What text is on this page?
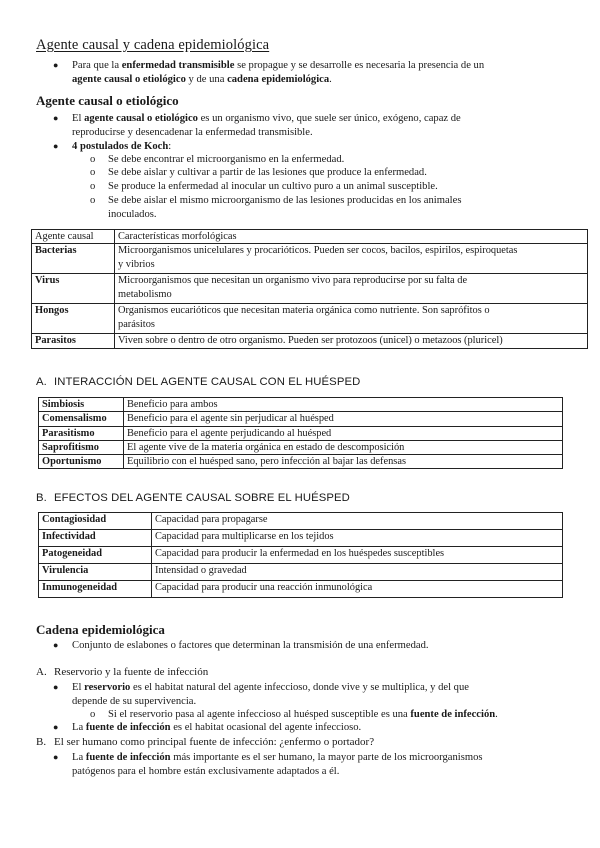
Agente causal y cadena epidemiológica
●	Para que la enfermedad transmisible se propague y se desarrolle es necesaria la presencia de un
agente causal o etiológico y de una cadena epidemiológica.
Agente causal o etiológico
●	El agente causal o etiológico es un organismo vivo, que suele ser único, exógeno, capaz de
reproducirse y desencadenar la enfermedad transmisible.
●	4 postulados de Koch:
o	Se debe encontrar el microorganismo en la enfermedad.
o	Se debe aislar y cultivar a partir de las lesiones que produce la enfermedad.
o	Se produce la enfermedad al inocular un cultivo puro a un animal susceptible.
o	Se debe aislar el mismo microorganismo de las lesiones producidas en los animales
inoculados.
Agente causal	Características morfológicas
Bacterias	Microorganismos unicelulares y procarióticos. Pueden ser cocos, bacilos, espirilos, espiroquetas
y vibrios

Virus	Microorganismos que necesitan un organismo vivo para reproducirse por su falta de
metabolismo

Hongos	Organismos eucarióticos que necesitan materia orgánica como nutriente. Son saprófitos o
parásitos

Parasitos	Viven sobre o dentro de otro organismo. Pueden ser protozoos (unicel) o metazoos (pluricel)
A. INTERACCIÓN DEL AGENTE CAUSAL CON EL HUÉSPED
Simbiosis	Beneficio para ambos
Comensalismo	Beneficio para el agente sin perjudicar al huésped
Parasitismo	Beneficio para el agente perjudicando al huésped
Saprofitismo	El agente vive de la materia orgánica en estado de descomposición
Oportunismo	Equilibrio con el huésped sano, pero infección al bajar las defensas
B. EFECTOS DEL AGENTE CAUSAL SOBRE EL HUÉSPED
Contagiosidad	Capacidad para propagarse
Infectividad	Capacidad para multiplicarse en los tejidos
Patogeneidad	Capacidad para producir la enfermedad en los huéspedes susceptibles
Virulencia	Intensidad o gravedad
Inmunogeneidad	Capacidad para producir una reacción inmunológica
Cadena epidemiológica
●	Conjunto de eslabones o factores que determinan la transmisión de una enfermedad.
A. Reservorio y la fuente de infección
●	El reservorio es el habitat natural del agente infeccioso, donde vive y se multiplica, y del que
depende de su supervivencia.
o	Si el reservorio pasa al agente infeccioso al huésped susceptible es una fuente de infección.
●	La fuente de infección es el habitat ocasional del agente infeccioso.
B. El ser humano como principal fuente de infección: ¿enfermo o portador?
●	La fuente de infección más importante es el ser humano, la mayor parte de los microorganismos
patógenos para el hombre están exclusivamente adaptados a él.
